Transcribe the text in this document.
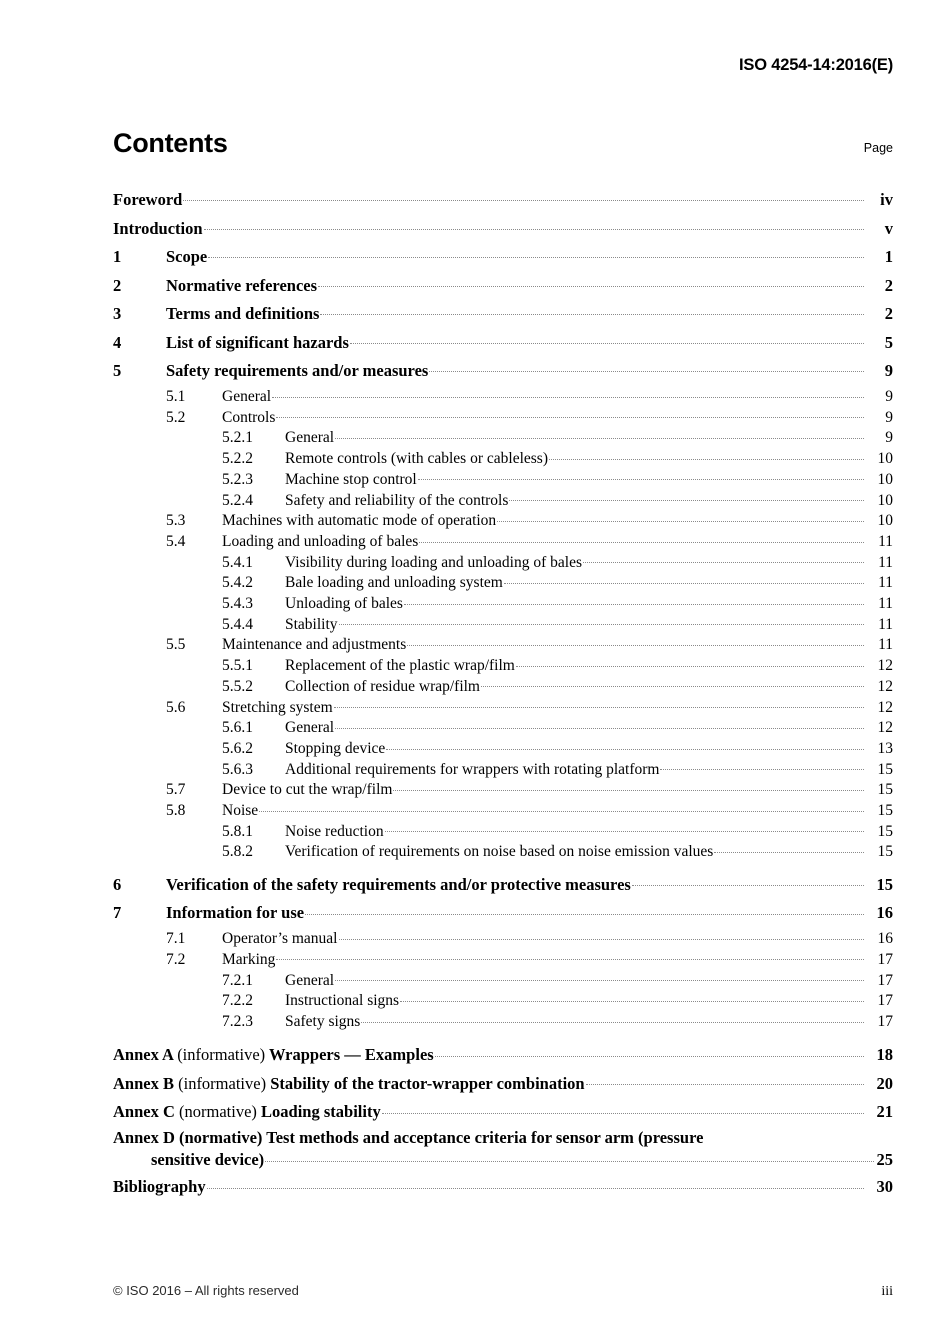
ISO 4254-14:2016(E)
Contents	Page
Foreword	iv
Introduction	v
1	Scope	1
2	Normative references	2
3	Terms and definitions	2
4	List of significant hazards	5
5	Safety requirements and/or measures	9
5.1	General	9
5.2	Controls	9
5.2.1	General	9
5.2.2	Remote controls (with cables or cableless)	10
5.2.3	Machine stop control	10
5.2.4	Safety and reliability of the controls	10
5.3	Machines with automatic mode of operation	10
5.4	Loading and unloading of bales	11
5.4.1	Visibility during loading and unloading of bales	11
5.4.2	Bale loading and unloading system	11
5.4.3	Unloading of bales	11
5.4.4	Stability	11
5.5	Maintenance and adjustments	11
5.5.1	Replacement of the plastic wrap/film	12
5.5.2	Collection of residue wrap/film	12
5.6	Stretching system	12
5.6.1	General	12
5.6.2	Stopping device	13
5.6.3	Additional requirements for wrappers with rotating platform	15
5.7	Device to cut the wrap/film	15
5.8	Noise	15
5.8.1	Noise reduction	15
5.8.2	Verification of requirements on noise based on noise emission values	15
6	Verification of the safety requirements and/or protective measures	15
7	Information for use	16
7.1	Operator’s manual	16
7.2	Marking	17
7.2.1	General	17
7.2.2	Instructional signs	17
7.2.3	Safety signs	17
Annex A (informative) Wrappers — Examples	18
Annex B (informative) Stability of the tractor-wrapper combination	20
Annex C (normative) Loading stability	21
Annex D (normative) Test methods and acceptance criteria for sensor arm (pressure
sensitive device)	25
Bibliography	30
© ISO 2016 – All rights reserved	iii
